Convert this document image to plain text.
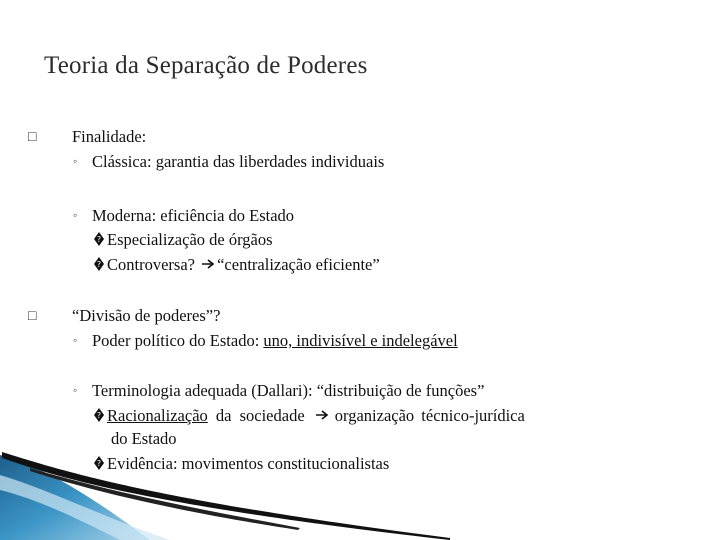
Teoria da Separação de Poderes
□ Finalidade:
◦ Clássica: garantia das liberdades individuais
◦ Moderna: eficiência do Estado
? Especialização de órgãos
? Controversa? “centralização eficiente”
□ “Divisão de poderes”?
◦ Poder político do Estado: uno, indivisível e indelegável
◦ Terminologia adequada (Dallari): “distribuição de funções”
? Racionalização da sociedade organização técnico-jurídica
do Estado
? Evidência: movimentos constitucionalistas
